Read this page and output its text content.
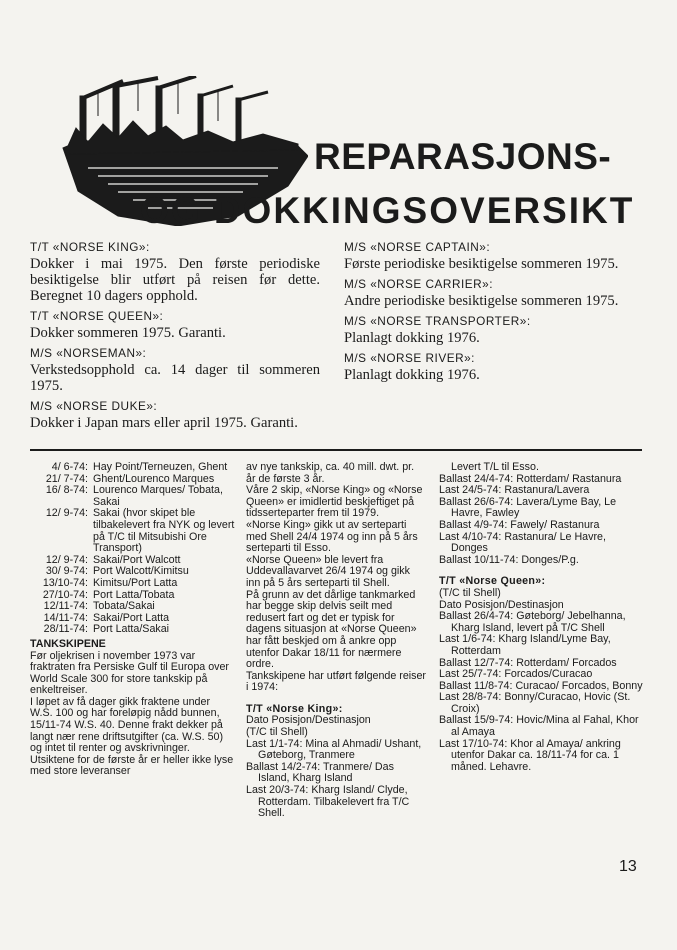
REPARASJONS-
OG DOKKINGSOVERSIKT

T/T «NORSE KING»:

Dokker i mai 1975. Den første periodiske besiktigelse blir utført på reisen før dette. Beregnet 10 dagers opphold.

T/T «NORSE QUEEN»:

Dokker sommeren 1975. Garanti.

M/S «NORSEMAN»:

Verkstedsopphold ca. 14 dager til sommeren 1975.

M/S «NORSE DUKE»:

Dokker i Japan mars eller april 1975. Garanti.

M/S «NORSE CAPTAIN»:

Første periodiske besiktigelse sommeren 1975.

M/S «NORSE CARRIER»:

Andre periodiske besiktigelse sommeren 1975.

M/S «NORSE TRANSPORTER»:

Planlagt dokking 1976.

M/S «NORSE RIVER»:

Planlagt dokking 1976.

4/ 6-74: Hay Point/Terneuzen, Ghent
21/ 7-74: Ghent/Lourenco Marques
16/ 8-74: Lourenco Marques/ Tobata, Sakai
12/ 9-74: Sakai (hvor skipet ble tilbakelevert fra NYK og levert på T/C til Mitsubishi Ore Transport)
12/ 9-74: Sakai/Port Walcott
30/ 9-74: Port Walcott/Kimitsu
13/10-74: Kimitsu/Port Latta
27/10-74: Port Latta/Tobata
12/11-74: Tobata/Sakai
14/11-74: Sakai/Port Latta
28/11-74: Port Latta/Sakai
TANKSKIPENE

Før oljekrisen i november 1973 var fraktraten fra Persiske Gulf til Europa over World Scale 300 for store tankskip på enkeltreiser.

I løpet av få dager gikk fraktene under W.S. 100 og har foreløpig nådd bunnen, 15/11-74 W.S. 40. Denne frakt dekker på langt nær rene driftsutgifter (ca. W.S. 50) og intet til renter og avskrivninger.

Utsiktene for de første år er heller ikke lyse med store leveranser

av nye tankskip, ca. 40 mill. dwt. pr. år de første 3 år.

Våre 2 skip, «Norse King» og «Norse Queen» er imidlertid beskjeftiget på tidsserteparter frem til 1979.

«Norse King» gikk ut av serteparti med Shell 24/4 1974 og inn på 5 års serteparti til Esso.

«Norse Queen» ble levert fra Uddevallavarvet 26/4 1974 og gikk inn på 5 års serteparti til Shell.

På grunn av det dårlige tankmarked har begge skip delvis seilt med redusert fart og det er typisk for dagens situasjon at «Norse Queen» har fått beskjed om å ankre opp utenfor Dakar 18/11 for nærmere ordre.

Tankskipene har utført følgende reiser i 1974:

T/T «Norse King»:
Dato Posisjon/Destinasjon
(T/C til Shell)
Last 1/1-74: Mina al Ahmadi/ Ushant, Gøteborg, Tranmere
Ballast 14/2-74: Tranmere/ Das Island, Kharg Island
Last 20/3-74: Kharg Island/ Clyde, Rotterdam. Tilbakelevert fra T/C Shell.
Levert T/L til Esso.
Ballast 24/4-74: Rotterdam/ Rastanura
Last 24/5-74: Rastanura/Lavera
Ballast 26/6-74: Lavera/Lyme Bay, Le Havre, Fawley
Ballast 4/9-74: Fawely/ Rastanura
Last 4/10-74: Rastanura/ Le Havre, Donges
Ballast 10/11-74: Donges/P.g.
T/T «Norse Queen»:
(T/C til Shell)
Dato Posisjon/Destinasjon
Ballast 26/4-74: Gøteborg/ Jebelhanna, Kharg Island, levert på T/C Shell
Last 1/6-74: Kharg Island/Lyme Bay, Rotterdam
Ballast 12/7-74: Rotterdam/ Forcados
Last 25/7-74: Forcados/Curacao
Ballast 11/8-74: Curacao/ Forcados, Bonny
Last 28/8-74: Bonny/Curacao, Hovic (St. Croix)
Ballast 15/9-74: Hovic/Mina al Fahal, Khor al Amaya
Last 17/10-74: Khor al Amaya/ ankring utenfor Dakar ca. 18/11-74 for ca. 1 måned. Lehavre.
13
